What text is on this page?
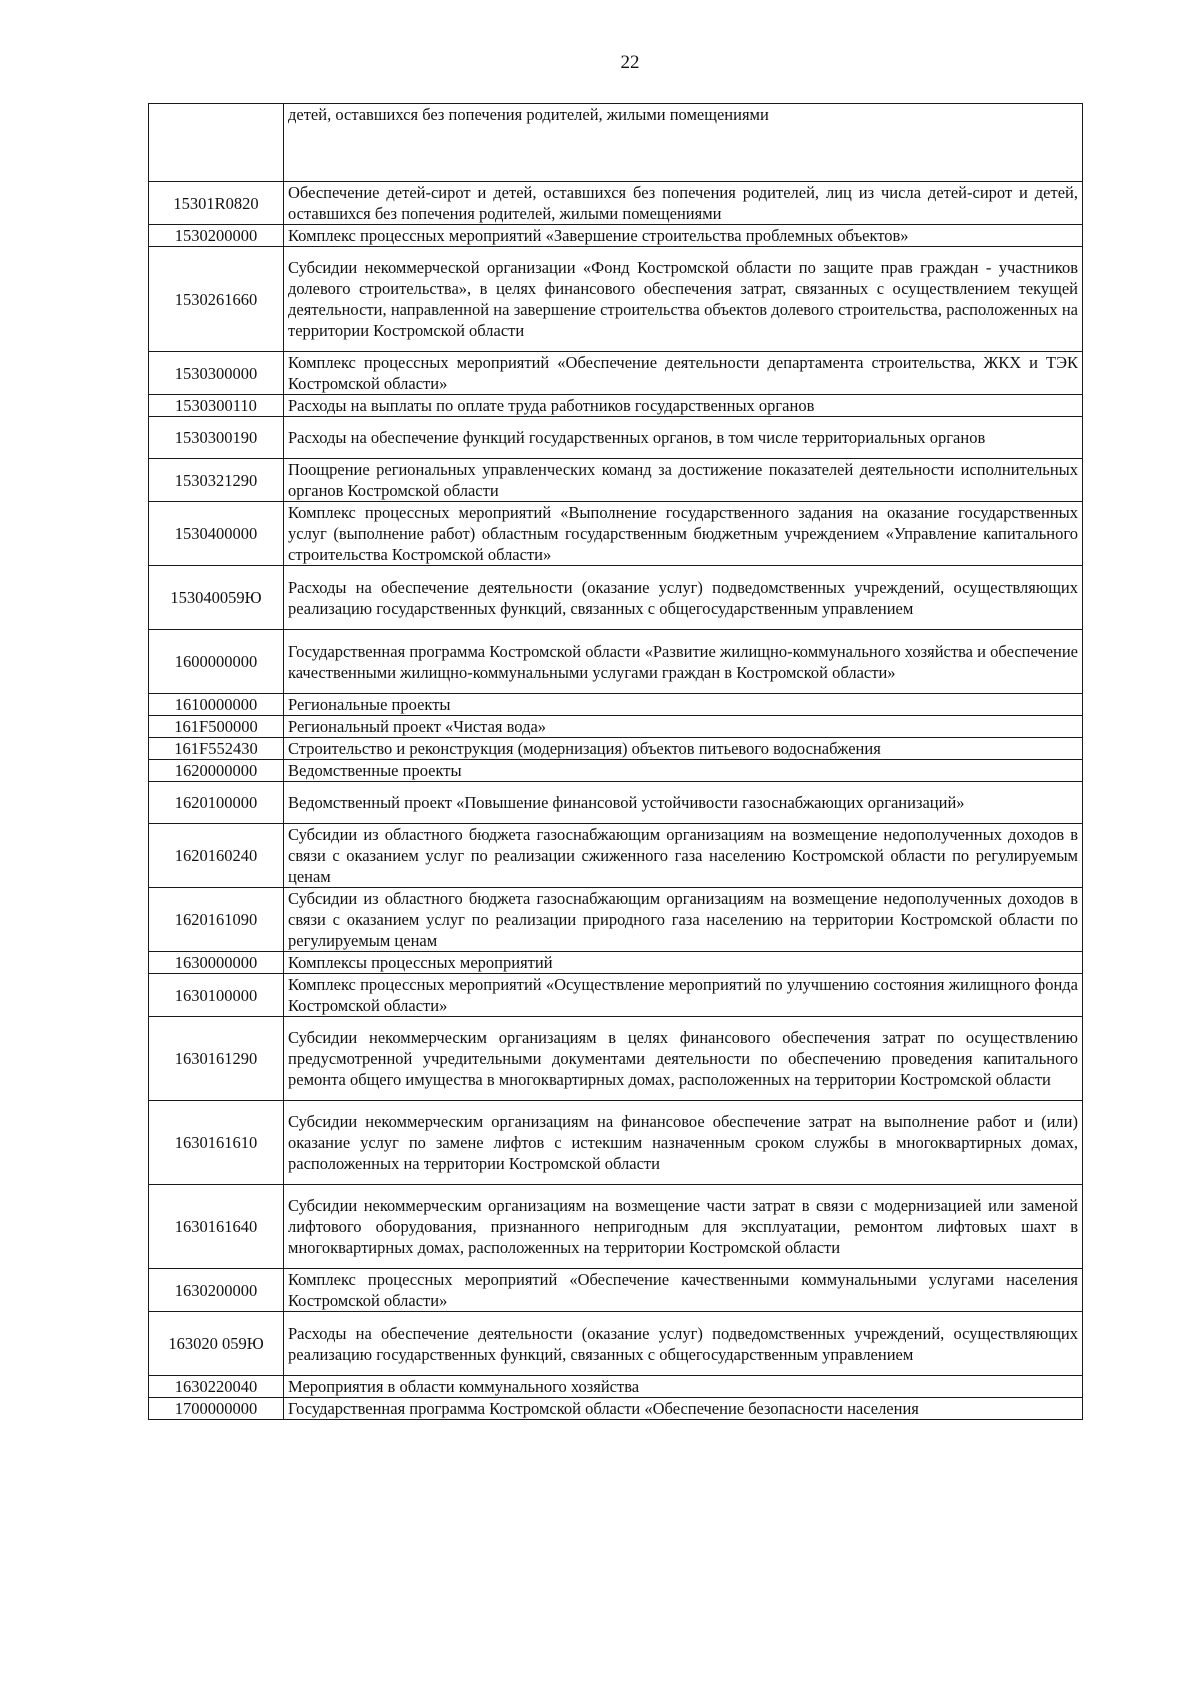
22
	детей, оставшихся без попечения родителей, жилыми помещениями
15301R0820	Обеспечение детей-сирот и детей, оставшихся без попечения родителей, лиц из числа детей-сирот и детей, оставшихся без попечения родителей, жилыми помещениями
1530200000	Комплекс процессных мероприятий «Завершение строительства проблемных объектов»
1530261660	Субсидии некоммерческой организации «Фонд Костромской области по защите прав граждан - участников долевого строительства», в целях финансового обеспечения затрат, связанных с осуществлением текущей деятельности, направленной на завершение строительства объектов долевого строительства, расположенных на территории Костромской области
1530300000	Комплекс процессных мероприятий «Обеспечение деятельности департамента строительства, ЖКХ и ТЭК Костромской области»
1530300110	Расходы на выплаты по оплате труда работников государственных органов
1530300190	Расходы на обеспечение функций государственных органов, в том числе территориальных органов
1530321290	Поощрение региональных управленческих команд за достижение показателей деятельности исполнительных органов Костромской области
1530400000	Комплекс процессных мероприятий «Выполнение государственного задания на оказание государственных услуг (выполнение работ) областным государственным бюджетным учреждением «Управление капитального строительства Костромской области»
153040059Ю	Расходы на обеспечение деятельности (оказание услуг) подведомственных учреждений, осуществляющих реализацию государственных функций, связанных с общегосударственным управлением
1600000000	Государственная программа Костромской области «Развитие жилищно-коммунального хозяйства и обеспечение качественными жилищно-коммунальными услугами граждан в Костромской области»
1610000000	Региональные проекты
161F500000	Региональный проект «Чистая вода»
161F552430	Строительство и реконструкция (модернизация) объектов питьевого водоснабжения
1620000000	Ведомственные проекты
1620100000	Ведомственный проект «Повышение финансовой устойчивости газоснабжающих организаций»
1620160240	Субсидии из областного бюджета газоснабжающим организациям на возмещение недополученных доходов в связи с оказанием услуг по реализации сжиженного газа населению Костромской области по регулируемым ценам
1620161090	Субсидии из областного бюджета газоснабжающим организациям на возмещение недополученных доходов в связи с оказанием услуг по реализации природного газа населению на территории Костромской области по регулируемым ценам
1630000000	Комплексы процессных мероприятий
1630100000	Комплекс процессных мероприятий «Осуществление мероприятий по улучшению состояния жилищного фонда Костромской области»
1630161290	Субсидии некоммерческим организациям в целях финансового обеспечения затрат по осуществлению предусмотренной учредительными документами деятельности по обеспечению проведения капитального ремонта общего имущества в многоквартирных домах, расположенных на территории Костромской области
1630161610	Субсидии некоммерческим организациям на финансовое обеспечение затрат на выполнение работ и (или) оказание услуг по замене лифтов с истекшим назначенным сроком службы в многоквартирных домах, расположенных на территории Костромской области
1630161640	Субсидии некоммерческим организациям на возмещение части затрат в связи с модернизацией или заменой лифтового оборудования, признанного непригодным для эксплуатации, ремонтом лифтовых шахт в многоквартирных домах, расположенных на территории Костромской области
1630200000	Комплекс процессных мероприятий «Обеспечение качественными коммунальными услугами населения Костромской области»
163020 059Ю	Расходы на обеспечение деятельности (оказание услуг) подведомственных учреждений, осуществляющих реализацию государственных функций, связанных с общегосударственным управлением
1630220040	Мероприятия в области коммунального хозяйства
1700000000	Государственная программа Костромской области «Обеспечение безопасности населения
